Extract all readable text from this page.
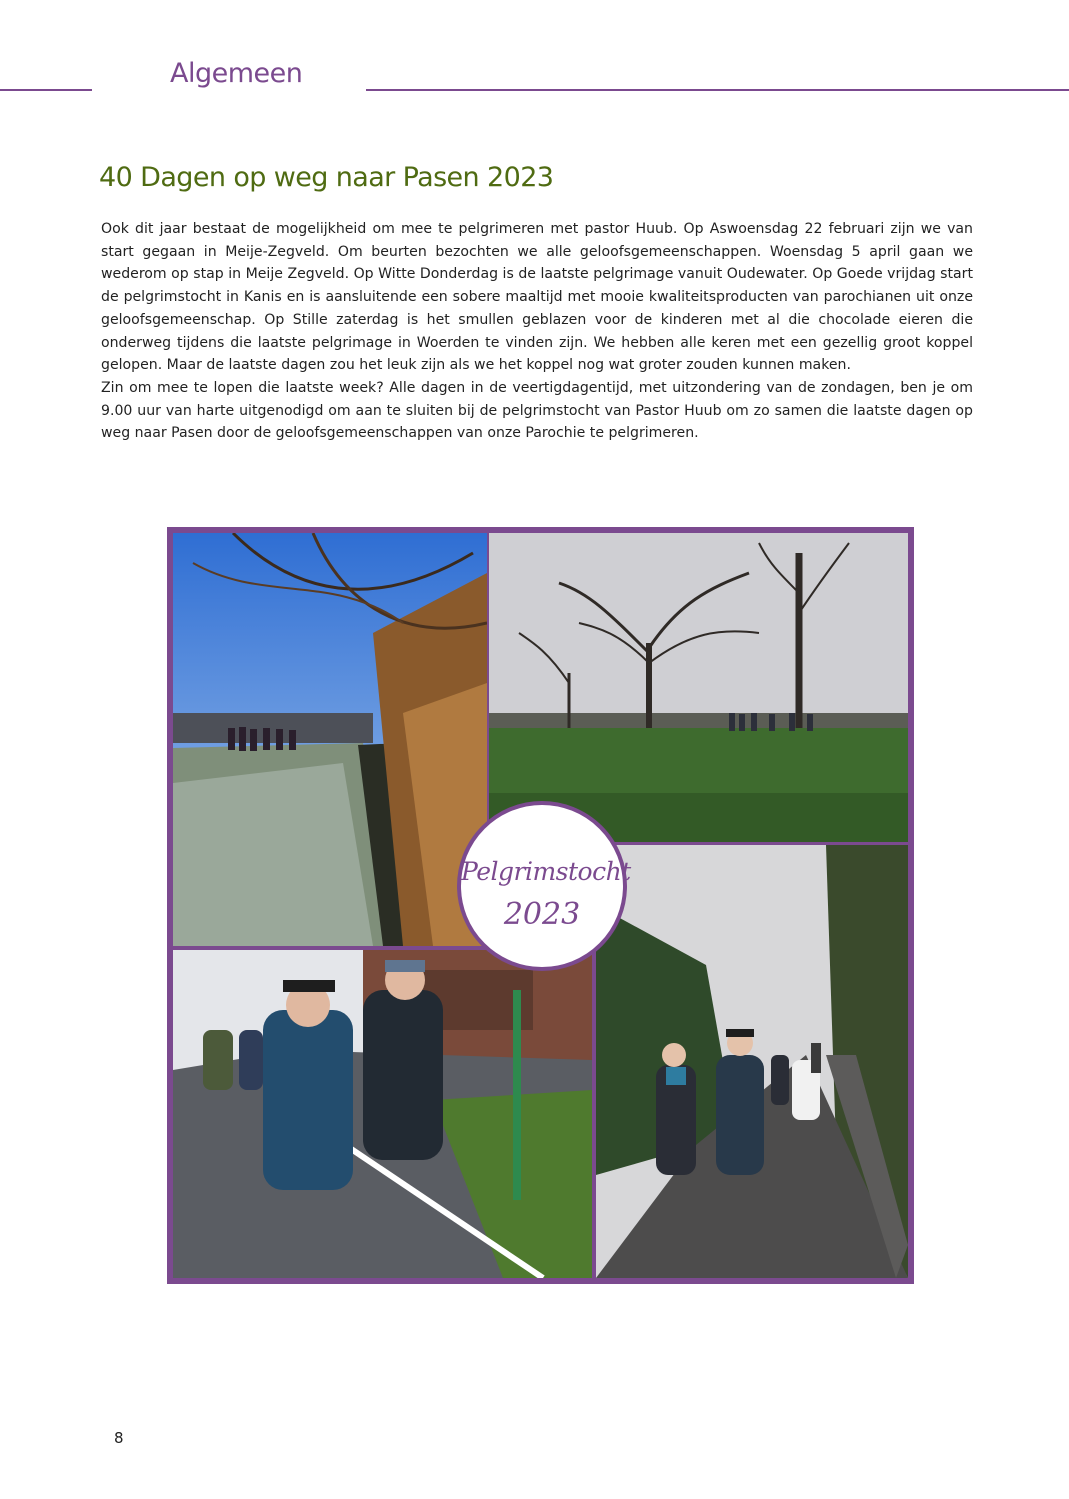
Algemeen
40 Dagen op weg naar Pasen 2023

Ook dit jaar bestaat de mogelijkheid om mee te pelgrimeren met pastor Huub. Op Aswoensdag 22 februari zijn we van start gegaan in Meije-Zegveld. Om beurten bezochten we alle geloofsgemeenschappen. Woensdag 5 april gaan we wederom op stap in Meije Zegveld. Op Witte Donderdag is de laatste pelgrimage vanuit Oudewater. Op Goede vrijdag start de pelgrimstocht in Kanis en is aansluitende een sobere maaltijd met mooie kwaliteitsproducten van parochianen uit onze geloofsgemeenschap. Op Stille zaterdag is het smullen geblazen voor de kinderen met al die chocolade eieren die onderweg tijdens die laatste pelgrimage in Woerden te vinden zijn. We hebben alle keren met een gezellig groot koppel gelopen. Maar de laatste dagen zou het leuk zijn als we het koppel nog wat groter zouden kunnen maken.

Zin om mee te lopen die laatste week? Alle dagen in de veertigdagentijd, met uitzondering van de zondagen, ben je om 9.00 uur van harte uitgenodigd om aan te sluiten bij de pelgrimstocht van Pastor Huub om zo samen die laatste dagen op weg naar Pasen door de geloofsgemeenschappen van onze Parochie te pelgrimeren.

Pelgrimstocht
2023
8
